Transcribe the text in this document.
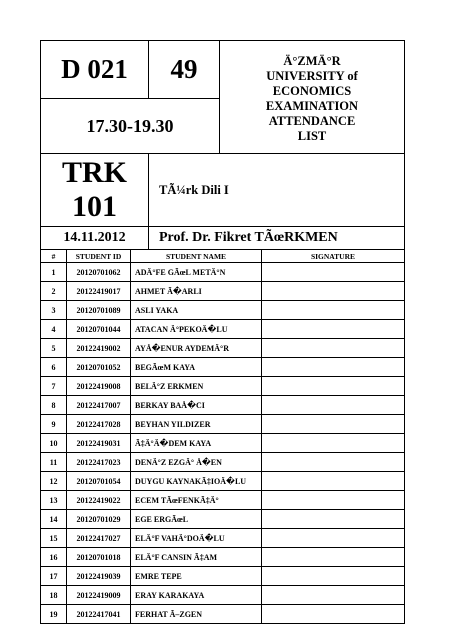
D 021	49
17.30-19.30
Ä°ZMÄ°R
UNIVERSITY of
ECONOMICS
EXAMINATION
ATTENDANCE
LIST
TRK
101
TÃ¼rk Dili I
14.11.2012	Prof. Dr. Fikret TÃœRKMEN
#	STUDENT ID	STUDENT NAME	SIGNATURE
1	20120701062	ADÄ°FE GÃœL METÄ°N	
2	20122419017	AHMET Ã�ARLI	
3	20120701089	ASLI YAKA	
4	20120701044	ATACAN Ä°PEKOÄ�LU	
5	20122419002	AYÅ�ENUR AYDEMÄ°R	
6	20120701052	BEGÃœM KAYA	
7	20122419008	BELÄ°Z ERKMEN	
8	20122417007	BERKAY BAÅ�CI	
9	20122417028	BEYHAN YILDIZER	
10	20122419031	Ã‡Ä°Ä�DEM KAYA	
11	20122417023	DENÄ°Z EZGÄ° Å�EN	
12	20120701054	DUYGU KAYNAKÃ‡IOÄ�LU	
13	20122419022	ECEM TÃœFENKÃ‡Ä°	
14	20120701029	EGE ERGÃœL	
15	20122417027	ELÄ°F VAHÄ°DOÄ�LU	
16	20120701018	ELÄ°F CANSIN Ã‡AM	
17	20122419039	EMRE TEPE	
18	20122419009	ERAY KARAKAYA	
19	20122417041	FERHAT Ã–ZGEN	
